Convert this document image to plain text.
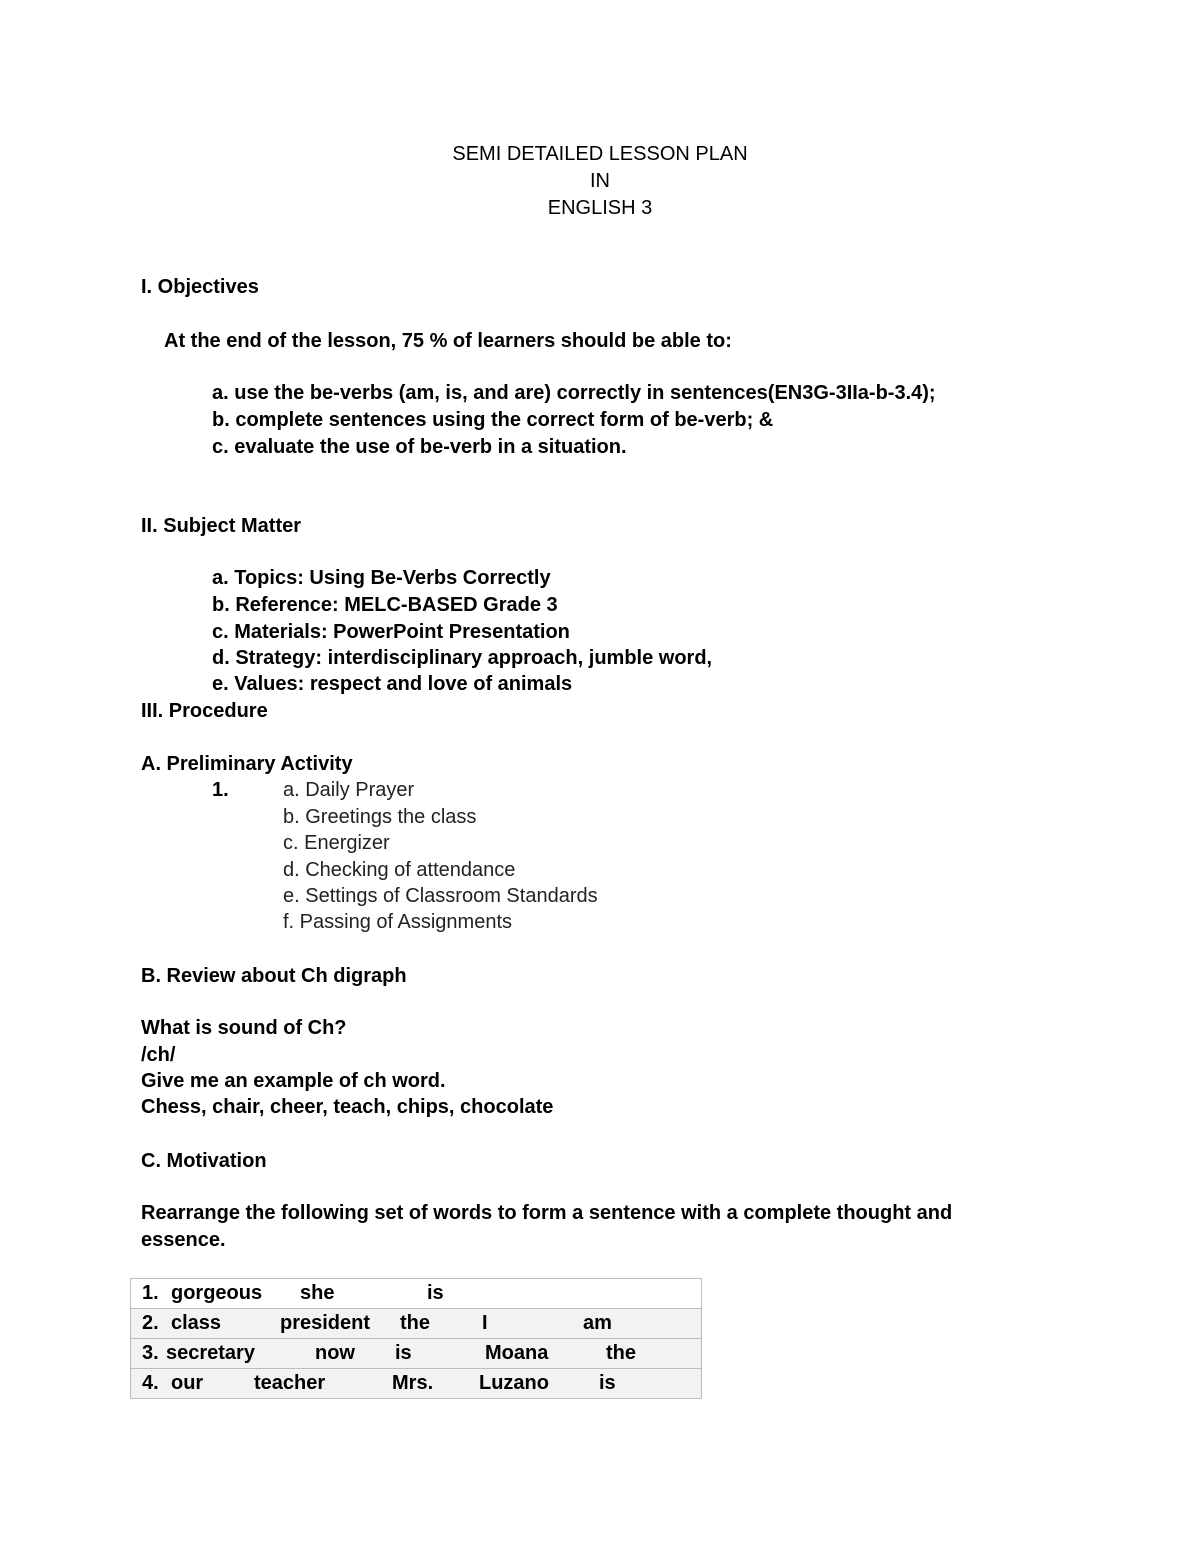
SEMI DETAILED LESSON PLAN
IN
ENGLISH 3
I. Objectives
At the end of the lesson, 75 % of learners should be able to:
a. use the be-verbs (am, is, and are) correctly in sentences(EN3G-3IIa-b-3.4);
b. complete sentences using the correct form of be-verb; &
c. evaluate the use of be-verb in a situation.
II. Subject Matter
a. Topics: Using Be-Verbs Correctly
b. Reference: MELC-BASED Grade 3
c. Materials: PowerPoint Presentation
d. Strategy: interdisciplinary approach, jumble word,
e. Values: respect and love of animals
III. Procedure
A. Preliminary Activity
1.	a. Daily Prayer
b. Greetings the class
c. Energizer
d. Checking of attendance
e. Settings of Classroom Standards
f. Passing of Assignments
B. Review about Ch digraph
What is sound of Ch?
/ch/
Give me an example of ch word.
Chess, chair, cheer, teach, chips, chocolate
C. Motivation
Rearrange the following set of words to form a sentence with a complete thought and
essence.
1. gorgeous she	is

2. class	president the	I	am

3. secretary	now is	Moana	the

4. our	teacher	Mrs. Luzano	is
